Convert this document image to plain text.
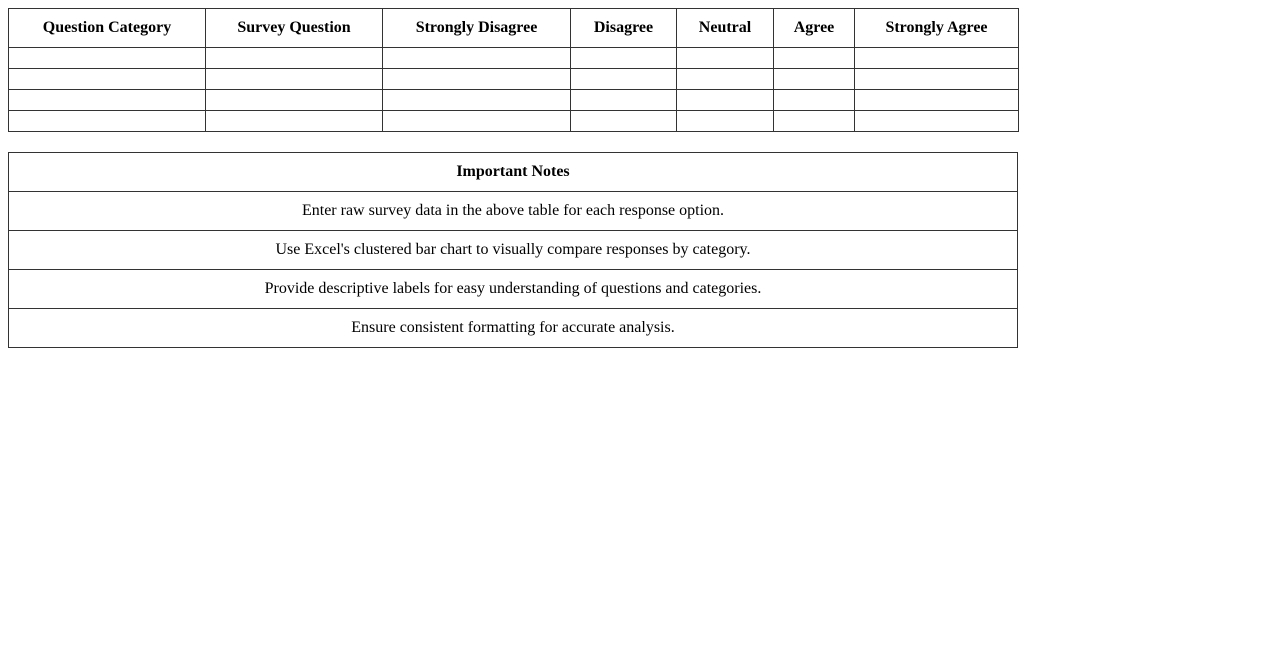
Question Category	Survey Question	Strongly Disagree	Disagree	Neutral	Agree	Strongly Agree

Important Notes
Enter raw survey data in the above table for each response option.
Use Excel's clustered bar chart to visually compare responses by category.
Provide descriptive labels for easy understanding of questions and categories.
Ensure consistent formatting for accurate analysis.
